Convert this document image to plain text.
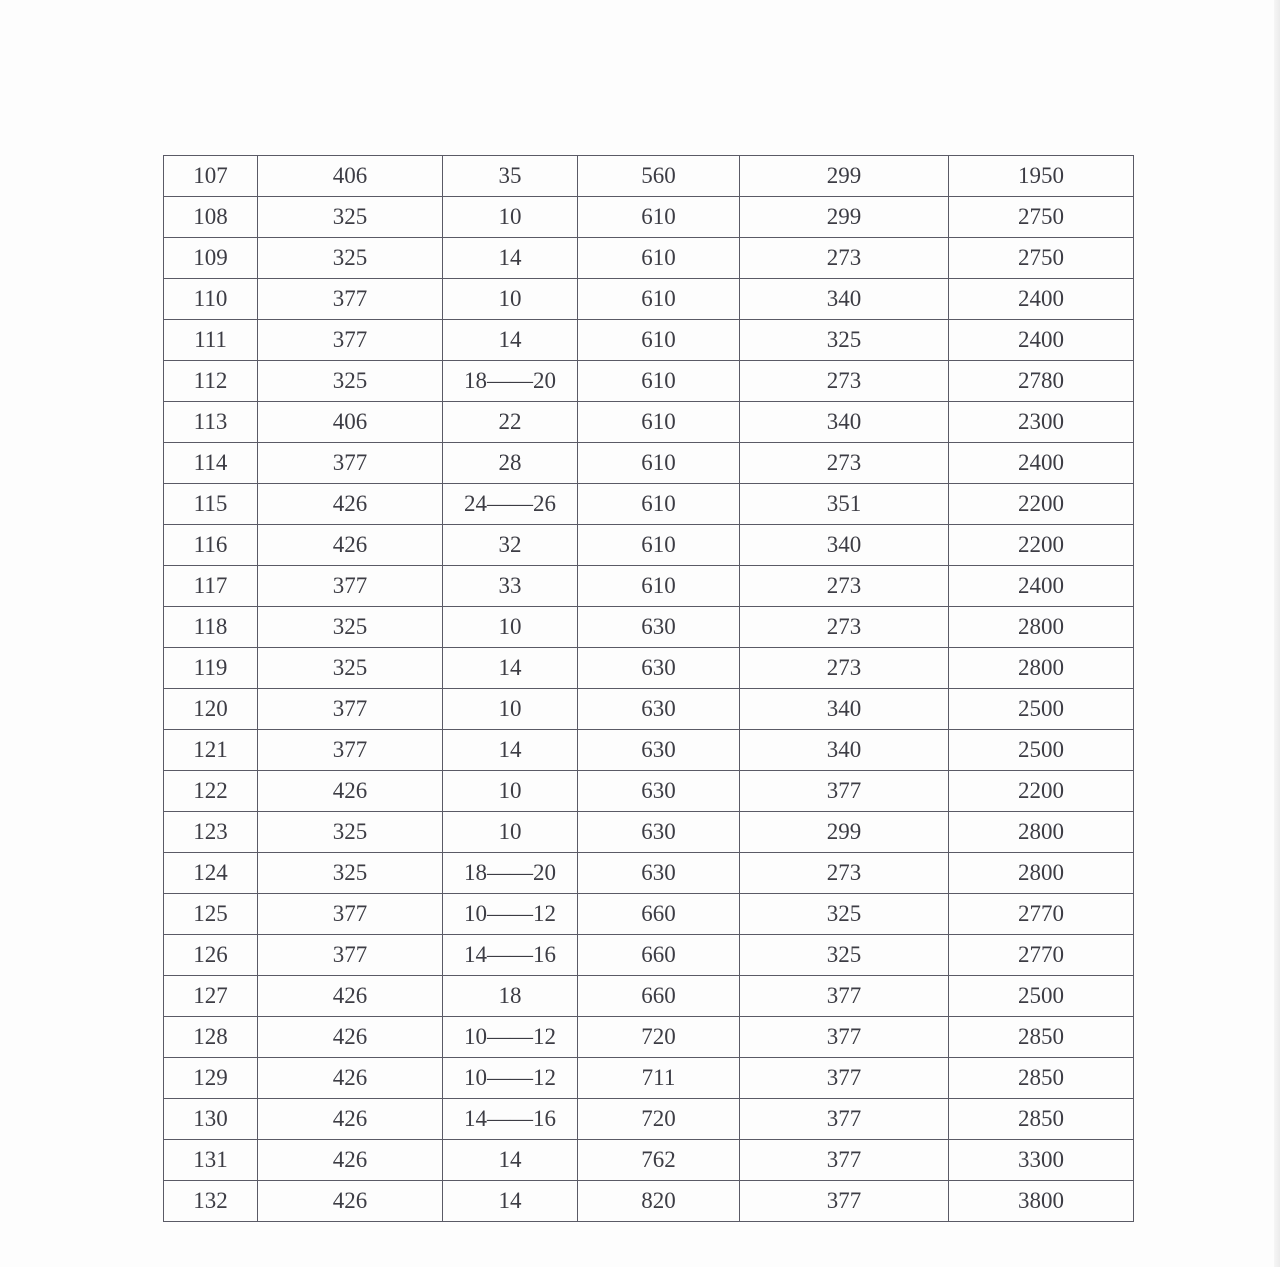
107	406	35	560	299	1950
108	325	10	610	299	2750
109	325	14	610	273	2750
110	377	10	610	340	2400
111	377	14	610	325	2400
112	325	18——20	610	273	2780
113	406	22	610	340	2300
114	377	28	610	273	2400
115	426	24——26	610	351	2200
116	426	32	610	340	2200
117	377	33	610	273	2400
118	325	10	630	273	2800
119	325	14	630	273	2800
120	377	10	630	340	2500
121	377	14	630	340	2500
122	426	10	630	377	2200
123	325	10	630	299	2800
124	325	18——20	630	273	2800
125	377	10——12	660	325	2770
126	377	14——16	660	325	2770
127	426	18	660	377	2500
128	426	10——12	720	377	2850
129	426	10——12	711	377	2850
130	426	14——16	720	377	2850
131	426	14	762	377	3300
132	426	14	820	377	3800
